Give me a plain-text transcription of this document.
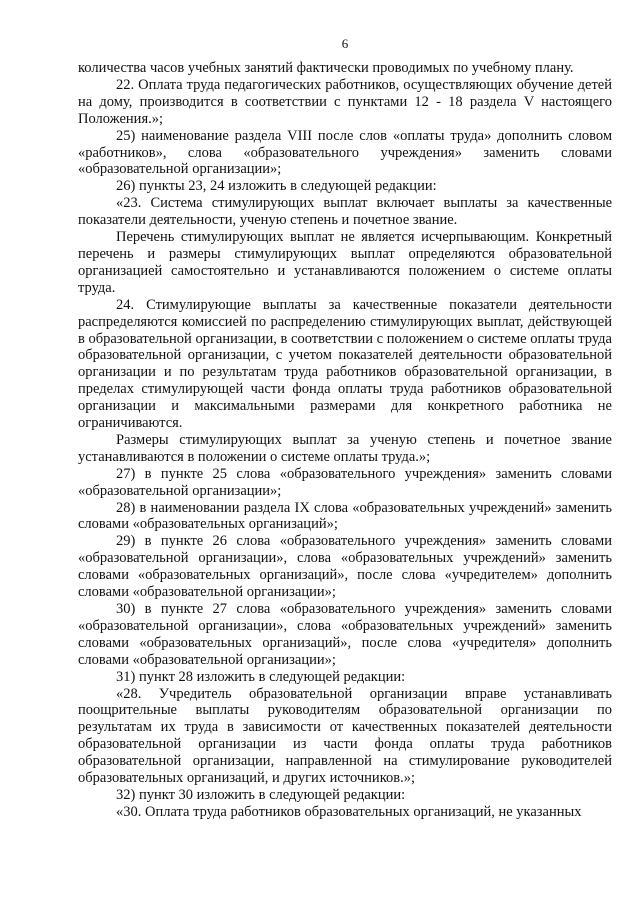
6

количества часов учебных занятий фактически проводимых по учебному плану.

22. Оплата труда педагогических работников, осуществляющих обучение детей на дому, производится в соответствии с пунктами 12 - 18 раздела V настоящего Положения.»;

25) наименование раздела VIII после слов «оплаты труда» дополнить словом «работников», слова «образовательного учреждения» заменить словами «образовательной организации»;

26) пункты 23, 24 изложить в следующей редакции:

«23. Система стимулирующих выплат включает выплаты за качественные показатели деятельности, ученую степень и почетное звание.

Перечень стимулирующих выплат не является исчерпывающим. Конкретный перечень и размеры стимулирующих выплат определяются образовательной организацией самостоятельно и устанавливаются положением о системе оплаты труда.

24. Стимулирующие выплаты за качественные показатели деятельности распределяются комиссией по распределению стимулирующих выплат, действующей в образовательной организации, в соответствии с положением о системе оплаты труда образовательной организации, с учетом показателей деятельности образовательной организации и по результатам труда работников образовательной организации, в пределах стимулирующей части фонда оплаты труда работников образовательной организации и максимальными размерами для конкретного работника не ограничиваются.

Размеры стимулирующих выплат за ученую степень и почетное звание устанавливаются в положении о системе оплаты труда.»;

27) в пункте 25 слова «образовательного учреждения» заменить словами «образовательной организации»;

28) в наименовании раздела IX слова «образовательных учреждений» заменить словами «образовательных организаций»;

29) в пункте 26 слова «образовательного учреждения» заменить словами «образовательной организации», слова «образовательных учреждений» заменить словами «образовательных организаций», после слова «учредителем» дополнить словами «образовательной организации»;

30) в пункте 27 слова «образовательного учреждения» заменить словами «образовательной организации», слова «образовательных учреждений» заменить словами «образовательных организаций», после слова «учредителя» дополнить словами «образовательной организации»;

31) пункт 28 изложить в следующей редакции:

«28. Учредитель образовательной организации вправе устанавливать поощрительные выплаты руководителям образовательной организации по результатам их труда в зависимости от качественных показателей деятельности образовательной организации из части фонда оплаты труда работников образовательной организации, направленной на стимулирование руководителей образовательных организаций, и других источников.»;

32) пункт 30 изложить в следующей редакции:

«30. Оплата труда работников образовательных организаций, не указанных
